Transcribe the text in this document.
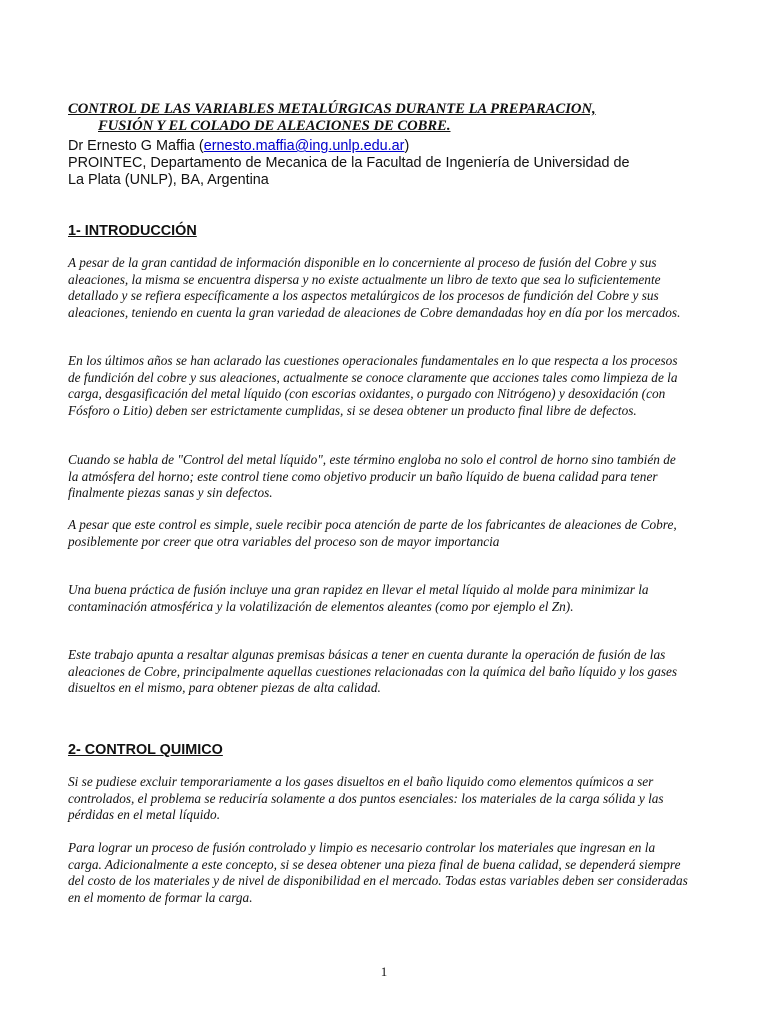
CONTROL DE LAS VARIABLES METALÚRGICAS DURANTE LA PREPARACION,
FUSIÓN Y EL COLADO DE ALEACIONES DE COBRE.
Dr Ernesto G Maffia (ernesto.maffia@ing.unlp.edu.ar)
PROINTEC, Departamento de Mecanica de la Facultad de Ingeniería de Universidad de
La Plata (UNLP), BA, Argentina
1- INTRODUCCIÓN
A pesar de la gran cantidad de información disponible en lo concerniente al proceso de fusión del Cobre y sus aleaciones, la misma se encuentra dispersa y no existe actualmente un libro de texto que sea lo suficientemente detallado y se refiera específicamente a los aspectos metalúrgicos de los procesos de fundición del Cobre y sus aleaciones, teniendo en cuenta la gran variedad de aleaciones de Cobre demandadas hoy en día por los mercados.
En los últimos años se han aclarado las cuestiones operacionales fundamentales en lo que respecta a los procesos de fundición del cobre y sus aleaciones, actualmente se conoce claramente que acciones tales como limpieza de la carga, desgasificación del metal líquido (con escorias oxidantes, o purgado con Nitrógeno) y desoxidación (con Fósforo o Litio) deben ser estrictamente cumplidas, si se desea obtener un producto final libre de defectos.
Cuando se habla de "Control del metal líquido", este término engloba no solo el control de horno sino también de la atmósfera del horno; este control tiene como objetivo producir un baño líquido de buena calidad para tener finalmente piezas sanas y sin defectos.
A pesar que este control es simple, suele recibir poca atención de parte de los fabricantes de aleaciones de Cobre, posiblemente por creer que otra variables del proceso son de mayor importancia
Una buena práctica de fusión incluye una gran rapidez en llevar el metal líquido al molde para minimizar la contaminación atmosférica y la volatilización de elementos aleantes (como por ejemplo el Zn).
Este trabajo apunta a resaltar algunas premisas básicas a tener en cuenta durante la operación de fusión de las aleaciones de Cobre, principalmente aquellas cuestiones relacionadas con la química del baño líquido y los gases disueltos en el mismo, para obtener piezas de alta calidad.
2- CONTROL QUIMICO
Si se pudiese excluir temporariamente a los gases disueltos en el baño liquido como elementos químicos a ser controlados, el problema se reduciría solamente a dos puntos esenciales: los materiales de la carga sólida y las pérdidas en el metal líquido.
Para lograr un proceso de fusión controlado y limpio es necesario controlar los materiales que ingresan en la carga. Adicionalmente a este concepto, si se desea obtener una pieza final de buena calidad, se dependerá siempre del costo de los materiales y de nivel de disponibilidad en el mercado. Todas estas variables deben ser consideradas en el momento de formar la carga.
1
